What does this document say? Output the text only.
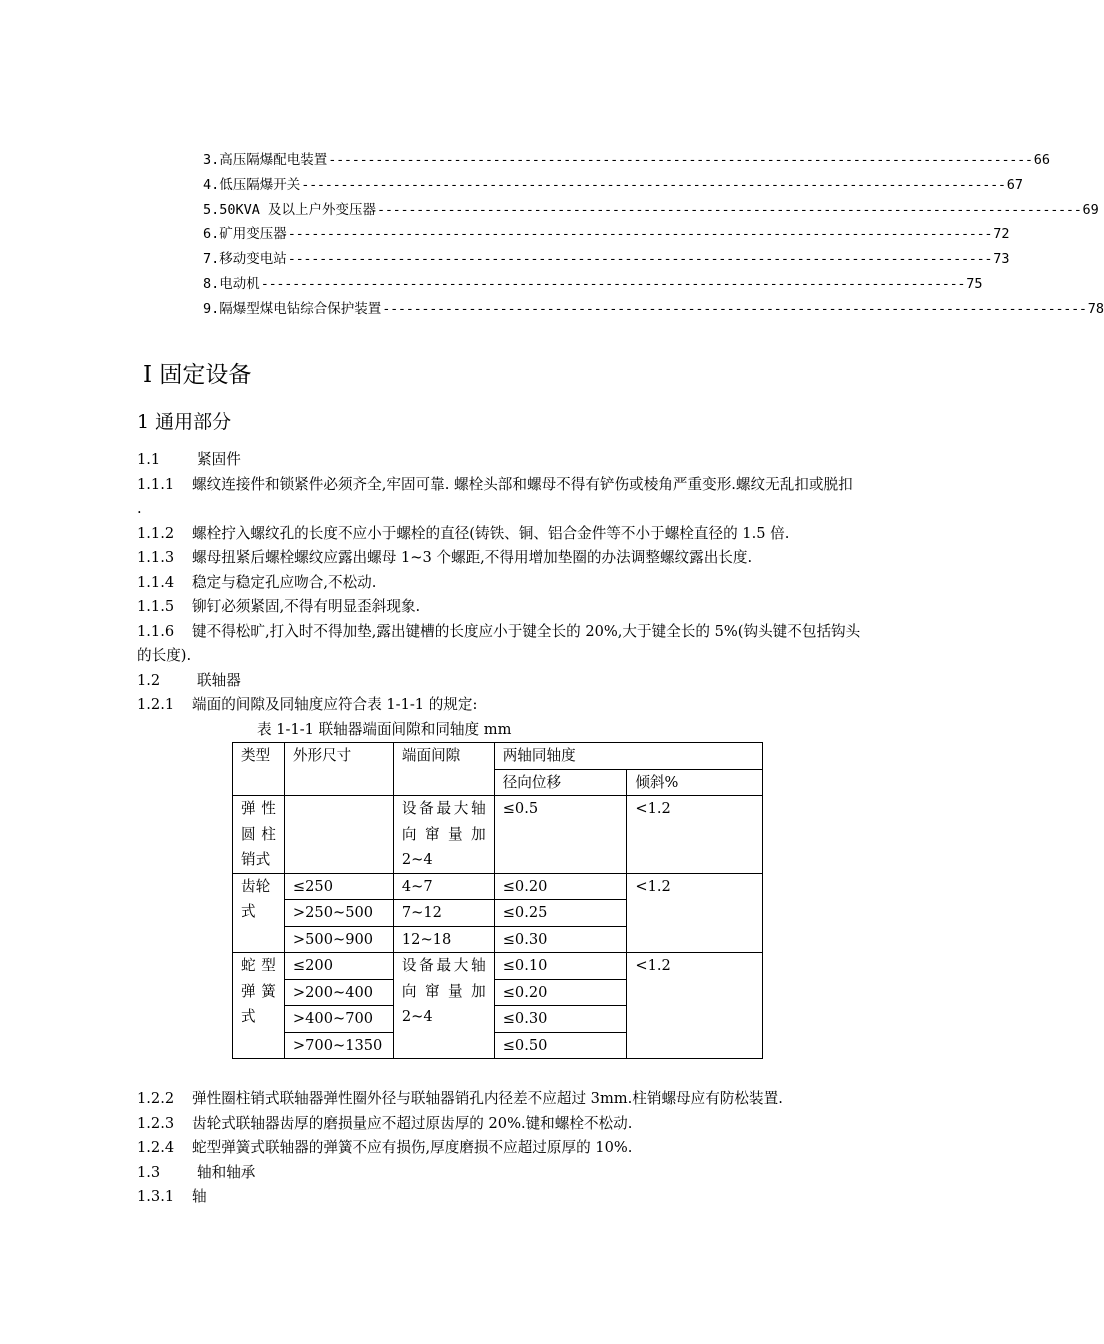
3.高压隔爆配电装置 ------------------------------------------------------------------------------------------ 66
4.低压隔爆开关 ------------------------------------------------------------------------------------------ 67
5.50KVA 及以上户外变压器 ------------------------------------------------------------------------------------------ 69
6.矿用变压器 ------------------------------------------------------------------------------------------ 72
7.移动变电站 ------------------------------------------------------------------------------------------ 73
8.电动机 ------------------------------------------------------------------------------------------ 75
9.隔爆型煤电钻综合保护装置 ------------------------------------------------------------------------------------------ 78
Ⅰ 固定设备
1 通用部分

1.1	紧固件

1.1.1 螺纹连接件和锁紧件必须齐全,牢固可靠. 螺栓头部和螺母不得有铲伤或棱角严重变形.螺纹无乱扣或脱扣 .

1.1.2 螺栓拧入螺纹孔的长度不应小于螺栓的直径(铸铁、铜、铝合金件等不小于螺栓直径的 1.5 倍.

1.1.3 螺母扭紧后螺栓螺纹应露出螺母 1~3 个螺距,不得用增加垫圈的办法调整螺纹露出长度.

1.1.4 稳定与稳定孔应吻合,不松动.

1.1.5 铆钉必须紧固,不得有明显歪斜现象.

1.1.6 键不得松旷,打入时不得加垫,露出键槽的长度应小于键全长的 20%,大于键全长的 5%(钩头键不包括钩头的长度).

1.2	联轴器

1.2.1 端面的间隙及同轴度应符合表 1-1-1 的规定:

表 1-1-1 联轴器端面间隙和同轴度 mm
类型	外形尺寸	端面间隙	两轴同轴度	
			径向位移	倾斜%
弹性圆柱销式		设备最大轴向窜量加2~4	≤0.5	<1.2
齿轮式	≤250	4~7	≤0.20	<1.2
	>250~500	7~12	≤0.25	
	>500~900	12~18	≤0.30	
蛇型弹簧式	≤200	设备最大轴向窜量加2~4	≤0.10	<1.2
	>200~400		≤0.20	
	>400~700		≤0.30	
	>700~1350		≤0.50	

1.2.2 弹性圈柱销式联轴器弹性圈外径与联轴器销孔内径差不应超过 3mm.柱销螺母应有防松装置.

1.2.3 齿轮式联轴器齿厚的磨损量应不超过原齿厚的 20%.键和螺栓不松动.

1.2.4 蛇型弹簧式联轴器的弹簧不应有损伤,厚度磨损不应超过原厚的 10%.

1.3	轴和轴承

1.3.1 轴
